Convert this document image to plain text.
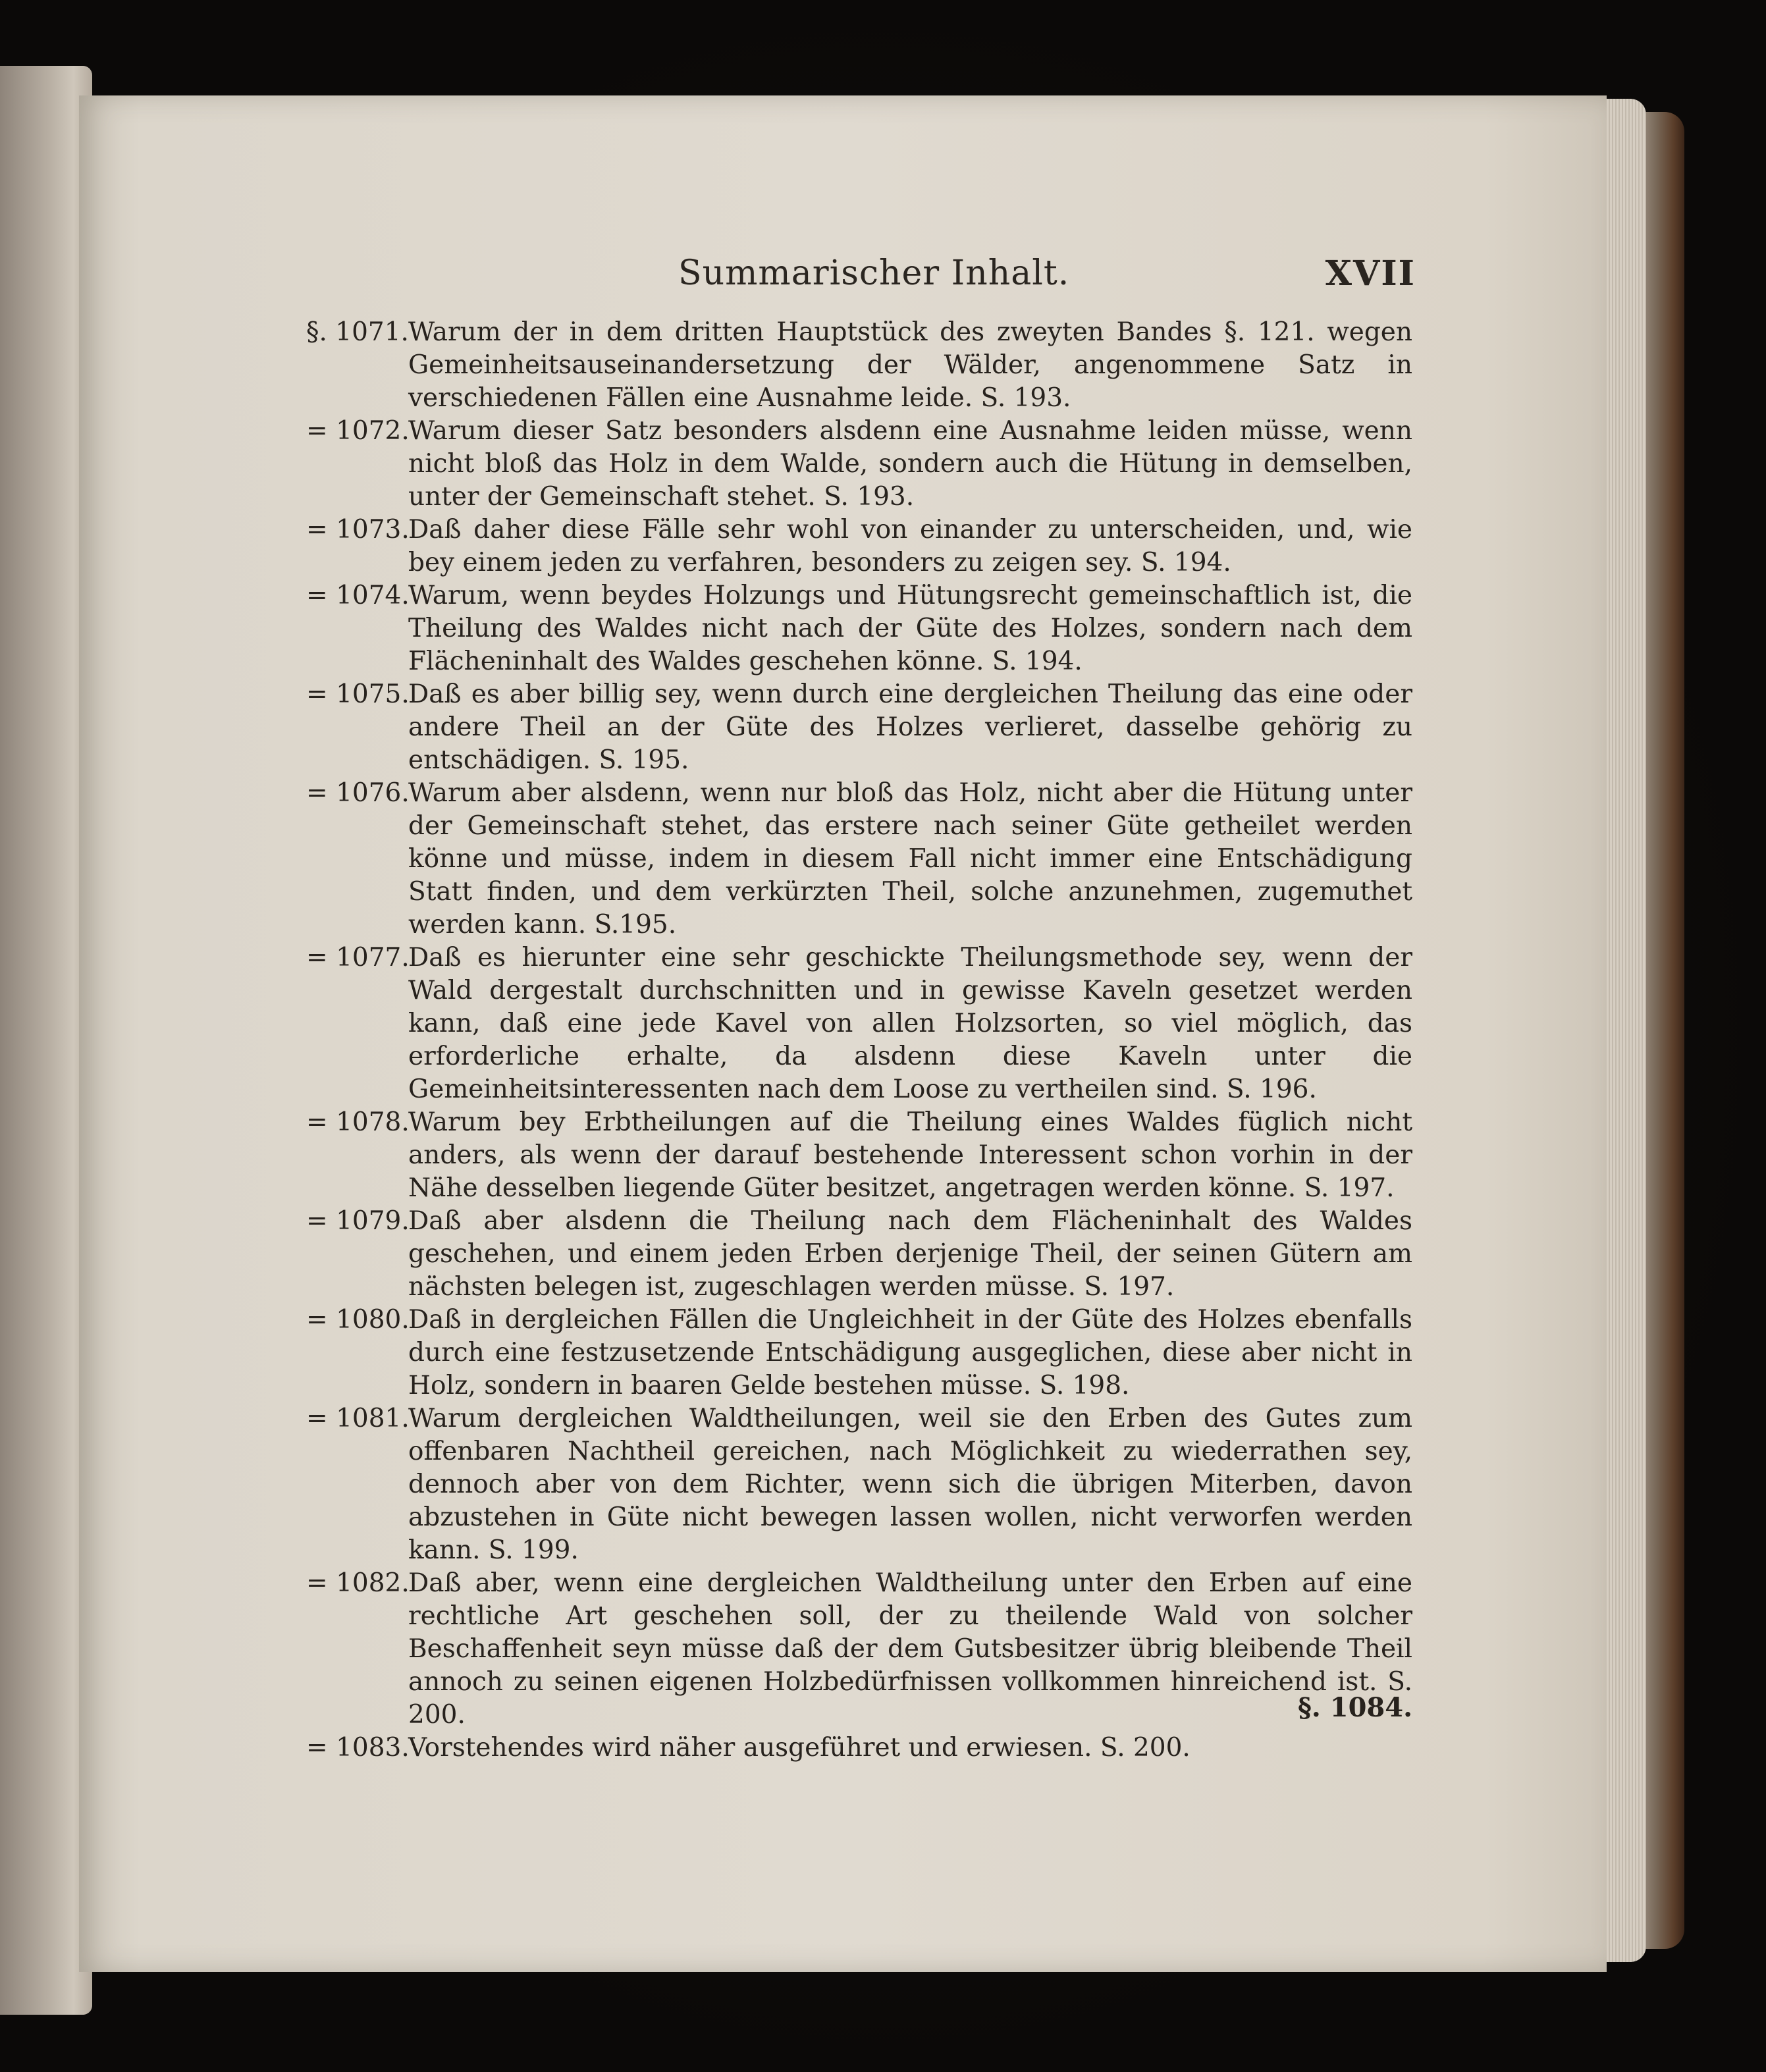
Summarischer Inhalt.	XVII
§. 1071. Warum der in dem dritten Hauptstück des zweyten Bandes §. 121. wegen Gemeinheitsauseinandersetzung der Wälder, angenommene Satz in verschiedenen Fällen eine Ausnahme leide. S. 193.
= 1072.
Warum dieser Satz besonders alsdenn eine Ausnahme leiden müsse, wenn nicht bloß das Holz in dem Walde, sondern auch die Hütung in demselben, unter der Gemeinschaft stehet. S. 193.
= 1073.
Daß daher diese Fälle sehr wohl von einander zu unterscheiden, und, wie bey einem jeden zu verfahren, besonders zu zeigen sey. S. 194.
= 1074.
Warum, wenn beydes Holzungs und Hütungsrecht gemeinschaftlich ist, die Theilung des Waldes nicht nach der Güte des Holzes, sondern nach dem Flächeninhalt des Waldes geschehen könne. S. 194.
= 1075.
Daß es aber billig sey, wenn durch eine dergleichen Theilung das eine oder andere Theil an der Güte des Holzes verlieret, dasselbe gehörig zu entschädigen. S. 195.
= 1076.
Warum aber alsdenn, wenn nur bloß das Holz, nicht aber die Hütung unter der Gemeinschaft stehet, das erstere nach seiner Güte getheilet werden könne und müsse, indem in diesem Fall nicht immer eine Entschädigung Statt finden, und dem verkürzten Theil, solche anzunehmen, zugemuthet werden kann. S.195.
= 1077.
Daß es hierunter eine sehr geschickte Theilungsmethode sey, wenn der Wald dergestalt durchschnitten und in gewisse Kaveln gesetzet werden kann, daß eine jede Kavel von allen Holzsorten, so viel möglich, das erforderliche erhalte, da alsdenn diese Kaveln unter die Gemeinheitsinteressenten nach dem Loose zu vertheilen sind. S. 196.
= 1078.
Warum bey Erbtheilungen auf die Theilung eines Waldes füglich nicht anders, als wenn der darauf bestehende Interessent schon vorhin in der Nähe desselben liegende Güter besitzet, angetragen werden könne. S. 197.
= 1079.
Daß aber alsdenn die Theilung nach dem Flächeninhalt des Waldes geschehen, und einem jeden Erben derjenige Theil, der seinen Gütern am nächsten belegen ist, zugeschlagen werden müsse. S. 197.
= 1080.
Daß in dergleichen Fällen die Ungleichheit in der Güte des Holzes ebenfalls durch eine festzusetzende Entschädigung ausgeglichen, diese aber nicht in Holz, sondern in baaren Gelde bestehen müsse. S. 198.
= 1081.
Warum dergleichen Waldtheilungen, weil sie den Erben des Gutes zum offenbaren Nachtheil gereichen, nach Möglichkeit zu wiederrathen sey, dennoch aber von dem Richter, wenn sich die übrigen Miterben, davon abzustehen in Güte nicht bewegen lassen wollen, nicht verworfen werden kann. S. 199.
= 1082.
Daß aber, wenn eine dergleichen Waldtheilung unter den Erben auf eine rechtliche Art geschehen soll, der zu theilende Wald von solcher Beschaffenheit seyn müsse daß der dem Gutsbesitzer übrig bleibende Theil annoch zu seinen eigenen Holzbedürfnissen vollkommen hinreichend ist. S. 200.
= 1083.
Vorstehendes wird näher ausgeführet und erwiesen. S. 200.
§. 1084.
